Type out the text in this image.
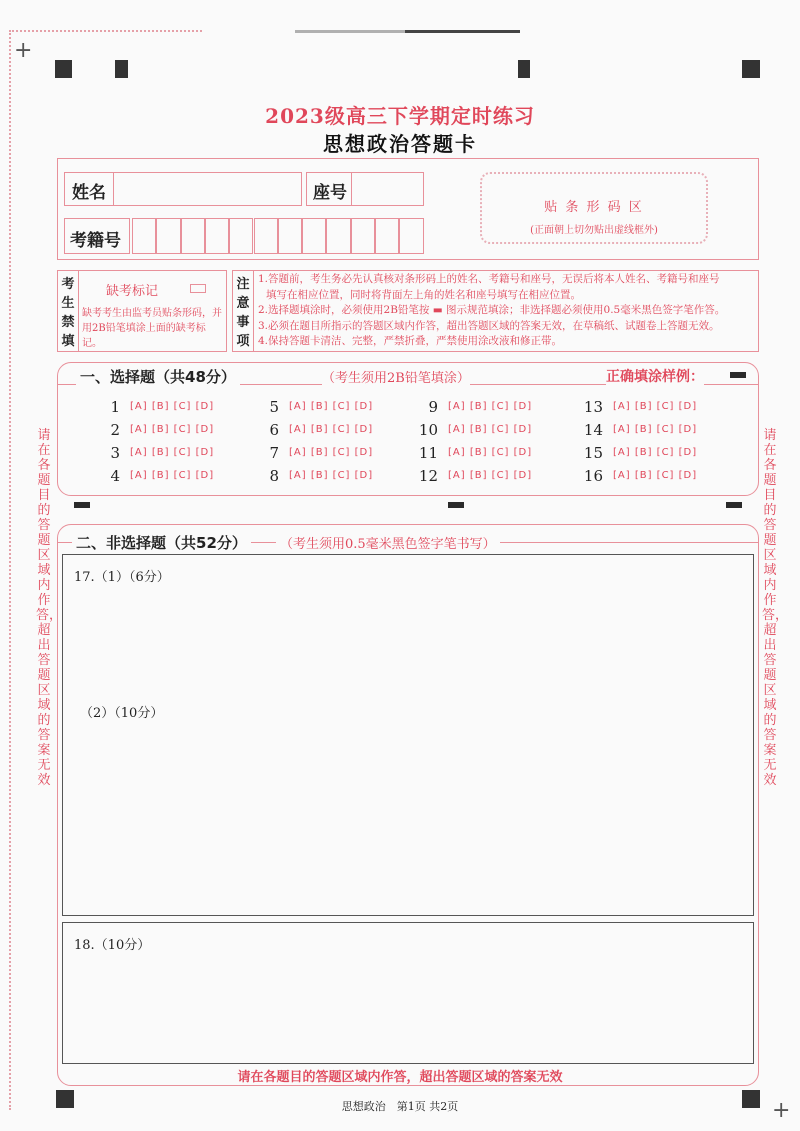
+
+
2023级高三下学期定时练习
思想政治答题卡
姓名	座号
考籍号
贴 条 形 码 区
(正面朝上切勿贴出虚线框外)
考
生
禁
填
缺考标记
缺考考生由监考员贴条形码，并用2B铅笔填涂上面的缺考标记。
注
意
事
项
1.答题前，考生务必先认真核对条形码上的姓名、考籍号和座号，无误后将本人姓名、考籍号和座号
填写在相应位置，同时将背面左上角的姓名和座号填写在相应位置。
2.选择题填涂时，必须使用2B铅笔按 ▬ 图示规范填涂；非选择题必须使用0.5毫米黑色签字笔作答。
3.必须在题目所指示的答题区域内作答，超出答题区域的答案无效，在草稿纸、试题卷上答题无效。
4.保持答题卡清洁、完整，严禁折叠，严禁使用涂改液和修正带。
一、选择题（共48分）	（考生须用2B铅笔填涂）	正确填涂样例：
1 [A] [B] [C] [D]
2 [A] [B] [C] [D]
3 [A] [B] [C] [D]
4 [A] [B] [C] [D]
5 [A] [B] [C] [D]
6 [A] [B] [C] [D]
7 [A] [B] [C] [D]
8 [A] [B] [C] [D]
9 [A] [B] [C] [D]
10 [A] [B] [C] [D]
11 [A] [B] [C] [D]
12 [A] [B] [C] [D]
13 [A] [B] [C] [D]
14 [A] [B] [C] [D]
15 [A] [B] [C] [D]
16 [A] [B] [C] [D]
二、非选择题（共52分）	（考生须用0.5毫米黑色签字笔书写）
17.（1）（6分）
（2）（10分）
18.（10分）
请在各题目的答题区域内作答，超出答题区域的答案无效
请在各题目的答题区域内作答，超出答题区域的答案无效
请在各题目的答题区域内作答，超出答题区域的答案无效
思想政治　第1页 共2页
